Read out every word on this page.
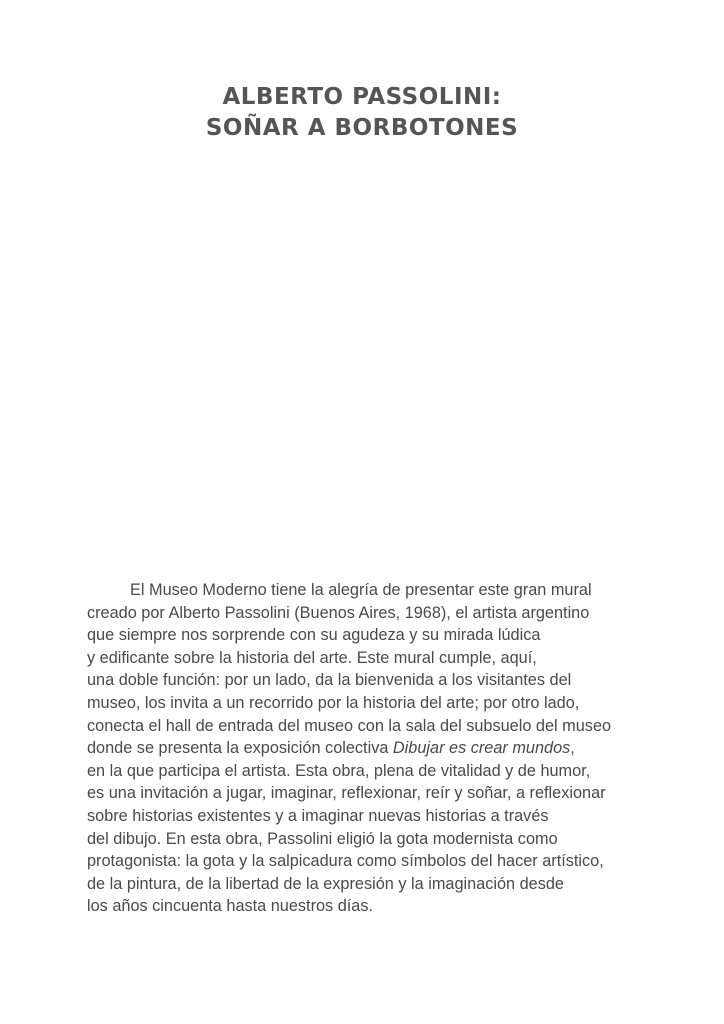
ALBERTO PASSOLINI:
SOÑAR A BORBOTONES
El Museo Moderno tiene la alegría de presentar este gran mural
creado por Alberto Passolini (Buenos Aires, 1968), el artista argentino
que siempre nos sorprende con su agudeza y su mirada lúdica
y edificante sobre la historia del arte. Este mural cumple, aquí,
una doble función: por un lado, da la bienvenida a los visitantes del
museo, los invita a un recorrido por la historia del arte; por otro lado,
conecta el hall de entrada del museo con la sala del subsuelo del museo
donde se presenta la exposición colectiva Dibujar es crear mundos,
en la que participa el artista. Esta obra, plena de vitalidad y de humor,
es una invitación a jugar, imaginar, reflexionar, reír y soñar, a reflexionar
sobre historias existentes y a imaginar nuevas historias a través
del dibujo. En esta obra, Passolini eligió la gota modernista como
protagonista: la gota y la salpicadura como símbolos del hacer artístico,
de la pintura, de la libertad de la expresión y la imaginación desde
los años cincuenta hasta nuestros días.
